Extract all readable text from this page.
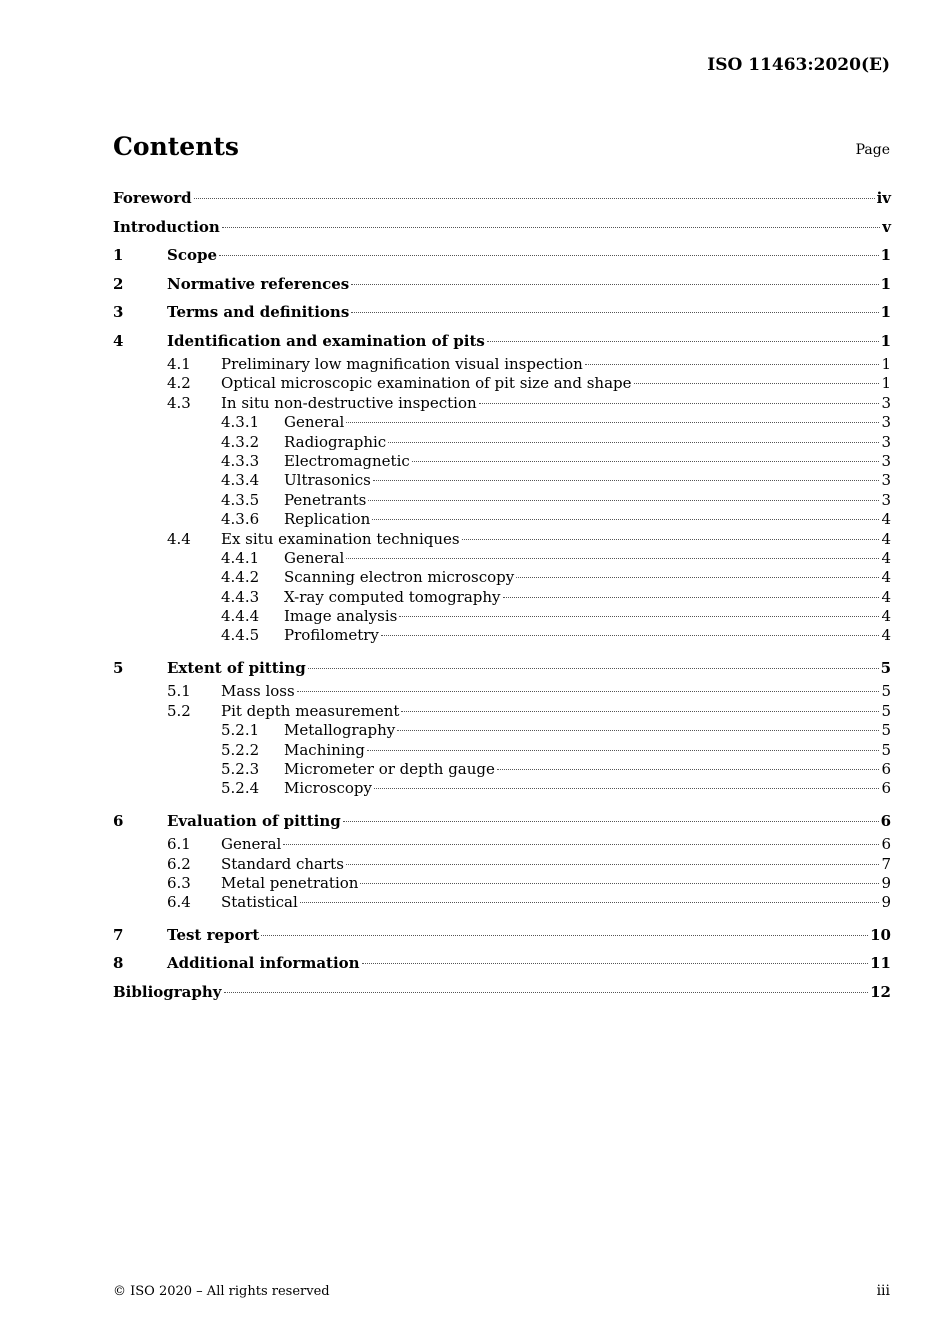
ISO 11463:2020(E)
Contents	Page
Foreword	iv
Introduction	v
1	Scope	1
2	Normative references	1
3	Terms and definitions	1
4	Identification and examination of pits	1
4.1	Preliminary low magnification visual inspection	1
4.2	Optical microscopic examination of pit size and shape	1
4.3	In situ non-destructive inspection	3
4.3.1	General	3
4.3.2	Radiographic	3
4.3.3	Electromagnetic	3
4.3.4	Ultrasonics	3
4.3.5	Penetrants	3
4.3.6	Replication	4
4.4	Ex situ examination techniques	4
4.4.1	General	4
4.4.2	Scanning electron microscopy	4
4.4.3	X-ray computed tomography	4
4.4.4	Image analysis	4
4.4.5	Profilometry	4
5	Extent of pitting	5
5.1	Mass loss	5
5.2	Pit depth measurement	5
5.2.1	Metallography	5
5.2.2	Machining	5
5.2.3	Micrometer or depth gauge	6
5.2.4	Microscopy	6
6	Evaluation of pitting	6
6.1	General	6
6.2	Standard charts	7
6.3	Metal penetration	9
6.4	Statistical	9
7	Test report	10
8	Additional information	11
Bibliography	12
© ISO 2020 – All rights reserved	iii
